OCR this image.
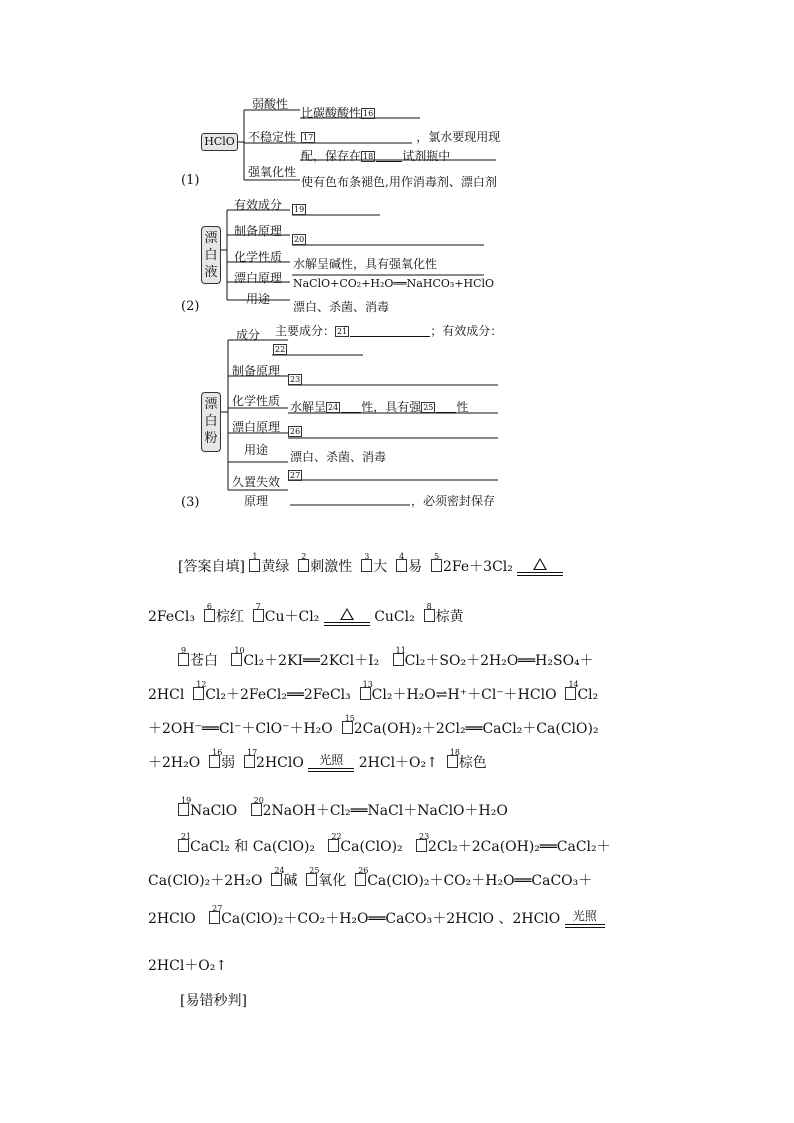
(1)
HClO
弱酸性
比碳酸酸性 16
不稳定性 17	，氯水要现用现
配，保存在 18 试剂瓶中
强氧化性
使有色布条褪色,用作消毒剂、漂白剂
(2)
漂白液
有效成分 19
制备原理
20
化学性质 水解呈碱性，具有强氧化性
漂白原理 NaClO+CO₂+H₂O══NaHCO₃+HClO
用途
漂白、杀菌、消毒
(3)
漂白粉
成分 主要成分： 21	；有效成分：
22
制备原理
23
化学性质 水解呈 24 性，具有强 25 性
漂白原理 26
用途 漂白、杀菌、消毒
久置失效 27
原理	，必须密封保存
[答案自填]
1
黄绿
2
刺激性
3
大
4
易
5
2Fe＋3Cl₂
2FeCl₃
6
棕红
7
Cu＋Cl₂	CuCl₂
8
棕黄
9
苍白
10
Cl₂＋2KI══2KCl＋I₂
11
Cl₂＋SO₂＋2H₂O══H₂SO₄＋
2HCl
12
Cl₂＋2FeCl₂══2FeCl₃
13
Cl₂＋H₂O⇌H⁺＋Cl⁻＋HClO
14
Cl₂
＋2OH⁻══Cl⁻＋ClO⁻＋H₂O
15
2Ca(OH)₂＋2Cl₂══CaCl₂＋Ca(ClO)₂
＋2H₂O
16
弱
17
2HClO	光照	2HCl＋O₂↑
18
棕色
19
NaClO
20
2NaOH＋Cl₂══NaCl＋NaClO＋H₂O
21
CaCl₂ 和 Ca(ClO)₂
22
Ca(ClO)₂
23
2Cl₂＋2Ca(OH)₂══CaCl₂＋
Ca(ClO)₂＋2H₂O
24
碱
25
氧化
26
Ca(ClO)₂＋CO₂＋H₂O══CaCO₃＋
2HClO
27
Ca(ClO)₂＋CO₂＋H₂O══CaCO₃＋2HClO 、2HClO	光照
2HCl＋O₂↑
[易错秒判]
